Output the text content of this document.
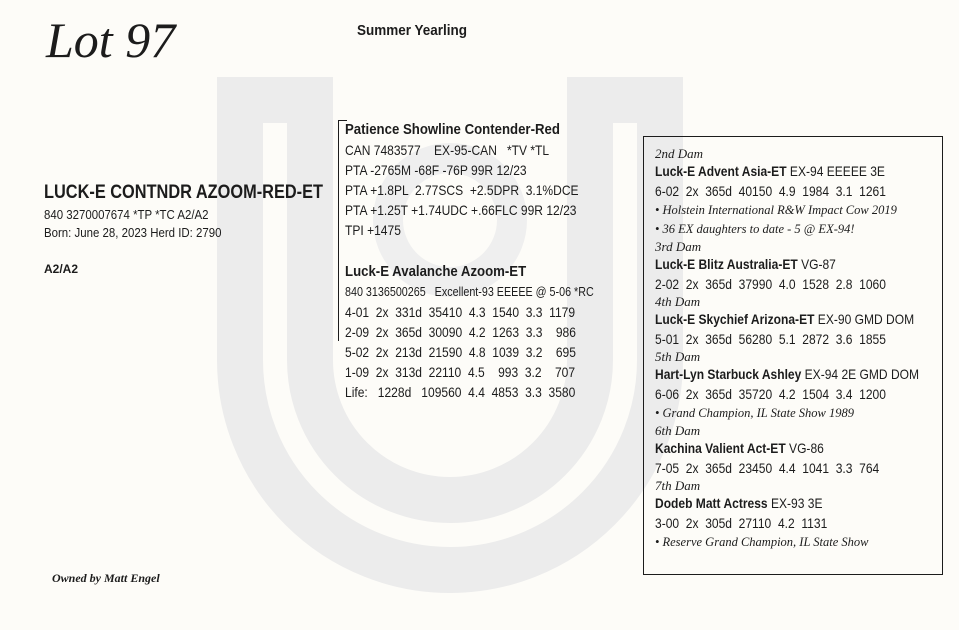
Lot 97	Summer Yearling
LUCK-E CONTNDR AZOOM-RED-ET
840 3270007674 *TP *TC A2/A2
Born: June 28, 2023 Herd ID: 2790
A2/A2
Patience Showline Contender-Red
CAN 7483577    EX-95-CAN   *TV *TL
PTA -2765M -68F -76P 99R 12/23
PTA +1.8PL  2.77SCS  +2.5DPR  3.1%DCE
PTA +1.25T +1.74UDC +.66FLC 99R 12/23
TPI +1475
Luck-E Avalanche Azoom-ET
840 3136500265   Excellent-93 EEEEE @ 5-06 *RC
4-01  2x  331d  35410  4.3  1540  3.3  1179
2-09  2x  365d  30090  4.2  1263  3.3    986
5-02  2x  213d  21590  4.8  1039  3.2    695
1-09  2x  313d  22110  4.5    993  3.2    707
Life:   1228d   109560  4.4  4853  3.3  3580
2nd Dam
Luck-E Advent Asia-ET EX-94 EEEEE 3E
6-02  2x  365d  40150  4.9  1984  3.1  1261
• Holstein International R&W Impact Cow 2019
• 36 EX daughters to date - 5 @ EX-94!
3rd Dam
Luck-E Blitz Australia-ET VG-87
2-02  2x  365d  37990  4.0  1528  2.8  1060
4th Dam
Luck-E Skychief Arizona-ET EX-90 GMD DOM
5-01  2x  365d  56280  5.1  2872  3.6  1855
5th Dam
Hart-Lyn Starbuck Ashley EX-94 2E GMD DOM
6-06  2x  365d  35720  4.2  1504  3.4  1200
• Grand Champion, IL State Show 1989
6th Dam
Kachina Valient Act-ET VG-86
7-05  2x  365d  23450  4.4  1041  3.3  764
7th Dam
Dodeb Matt Actress EX-93 3E
3-00  2x  305d  27110  4.2  1131
• Reserve Grand Champion, IL State Show
Owned by Matt Engel
